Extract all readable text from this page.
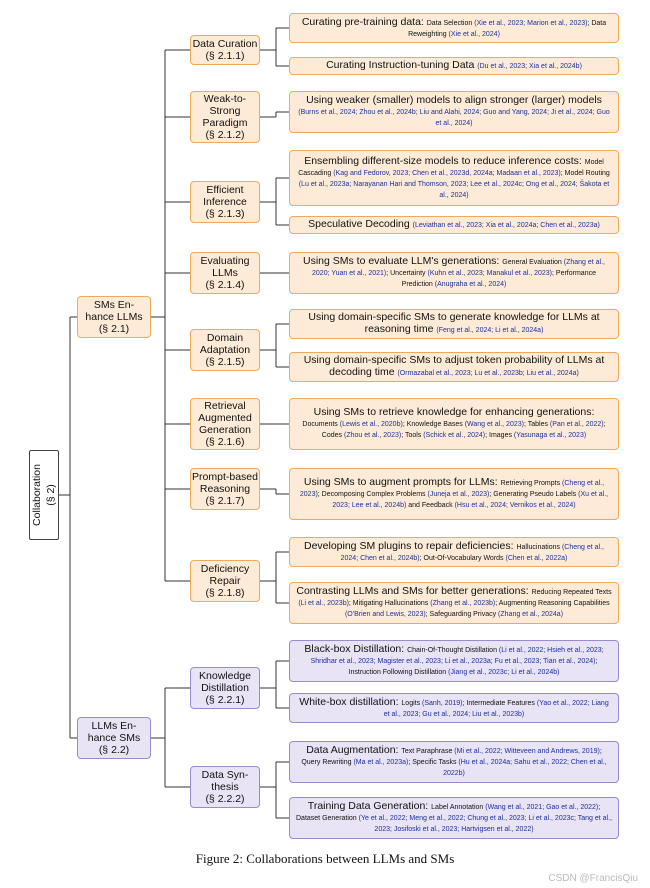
Collaboration (§ 2)
SMs En-
hance LLMs
(§ 2.1)
LLMs En-
hance SMs
(§ 2.2)
Data Curation
(§ 2.1.1)
Weak-to-
Strong
Paradigm
(§ 2.1.2)
Efficient
Inference
(§ 2.1.3)
Evaluating
LLMs
(§ 2.1.4)
Domain
Adaptation
(§ 2.1.5)
Retrieval
Augmented
Generation
(§ 2.1.6)
Prompt-based
Reasoning
(§ 2.1.7)
Deficiency
Repair
(§ 2.1.8)
Knowledge
Distillation
(§ 2.2.1)
Data Syn-
thesis
(§ 2.2.2)
Curating pre-training data: Data Selection (Xie et al., 2023; Marion et al., 2023); Data Reweighting (Xie et al., 2024)
Curating Instruction-tuning Data (Du et al., 2023; Xia et al., 2024b)
Using weaker (smaller) models to align stronger (larger) models (Burns et al., 2024; Zhou et al., 2024b; Liu and Alahi, 2024; Guo and Yang, 2024; Ji et al., 2024; Guo et al., 2024)
Ensembling different-size models to reduce inference costs: Model Cascading (Kag and Fedorov, 2023; Chen et al., 2023d, 2024a; Madaan et al., 2023); Model Routing (Lu et al., 2023a; Narayanan Hari and Thomson, 2023; Lee et al., 2024c; Ong et al., 2024; Šakota et al., 2024)
Speculative Decoding (Leviathan et al., 2023; Xia et al., 2024a; Chen et al., 2023a)
Using SMs to evaluate LLM's generations: General Evaluation (Zhang et al., 2020; Yuan et al., 2021); Uncertainty (Kuhn et al., 2023; Manakul et al., 2023); Performance Prediction (Anugraha et al., 2024)
Using domain-specific SMs to generate knowledge for LLMs at reasoning time (Feng et al., 2024; Li et al., 2024a)
Using domain-specific SMs to adjust token probability of LLMs at decoding time (Ormazabal et al., 2023; Lu et al., 2023b; Liu et al., 2024a)
Using SMs to retrieve knowledge for enhancing generations: Documents (Lewis et al., 2020b); Knowledge Bases (Wang et al., 2023); Tables (Pan et al., 2022); Codes (Zhou et al., 2023); Tools (Schick et al., 2024); Images (Yasunaga et al., 2023)
Using SMs to augment prompts for LLMs: Retrieving Prompts (Cheng et al., 2023); Decomposing Complex Problems (Juneja et al., 2023); Generating Pseudo Labels (Xu et al., 2023; Lee et al., 2024b) and Feedback (Hsu et al., 2024; Vernikos et al., 2024)
Developing SM plugins to repair deficiencies: Hallucinations (Cheng et al., 2024; Chen et al., 2024b); Out-Of-Vocabulary Words (Chen et al., 2022a)
Contrasting LLMs and SMs for better generations: Reducing Repeated Texts (Li et al., 2023b); Mitigating Hallucinations (Zhang et al., 2023b); Augmenting Reasoning Capabilities (O'Brien and Lewis, 2023); Safeguarding Privacy (Zhang et al., 2024a)
Black-box Distillation: Chain-Of-Thought Distillation (Li et al., 2022; Hsieh et al., 2023; Shridhar et al., 2023; Magister et al., 2023; Li et al., 2023a; Fu et al., 2023; Tian et al., 2024); Instruction Following Distillation (Jiang et al., 2023c; Li et al., 2024b)
White-box distillation: Logits (Sanh, 2019); Intermediate Features (Yao et al., 2022; Liang et al., 2023; Gu et al., 2024; Liu et al., 2023b)
Data Augmentation: Text Paraphrase (Mi et al., 2022; Witteveen and Andrews, 2019); Query Rewriting (Ma et al., 2023a); Specific Tasks (Hu et al., 2024a; Sahu et al., 2022; Chen et al., 2022b)
Training Data Generation: Label Annotation (Wang et al., 2021; Gao et al., 2022); Dataset Generation (Ye et al., 2022; Meng et al., 2022; Chung et al., 2023; Li et al., 2023c; Tang et al., 2023; Josifoski et al., 2023; Hartvigsen et al., 2022)
Figure 2: Collaborations between LLMs and SMs
CSDN @FrancisQiu
